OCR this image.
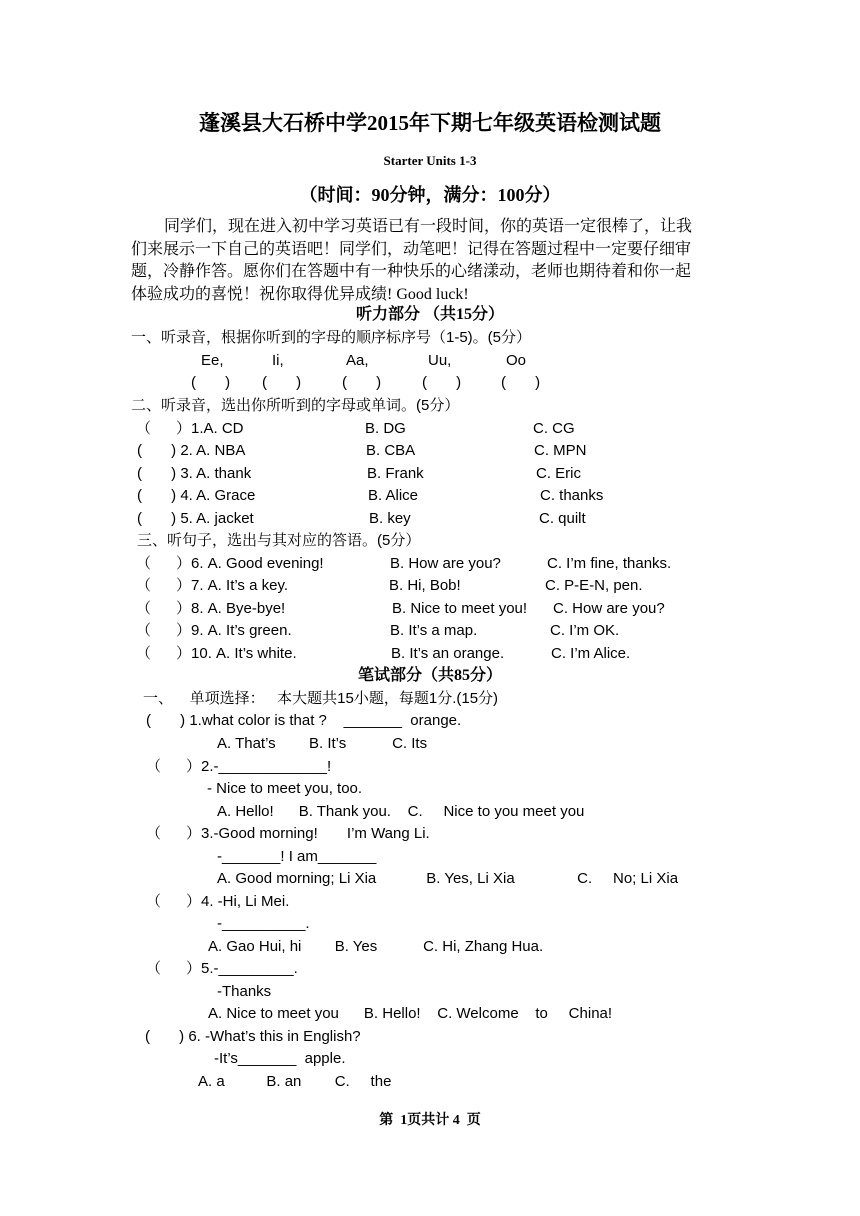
蓬溪县大石桥中学2015年下期七年级英语检测试题
Starter Units 1-3
（时间：90分钟，满分：100分）
同学们，现在进入初中学习英语已有一段时间，你的英语一定很棒了，让我
们来展示一下自己的英语吧！同学们，动笔吧！记得在答题过程中一定要仔细审
题，冷静作答。愿你们在答题中有一种快乐的心绪漾动，老师也期待着和你一起
体验成功的喜悦！祝你取得优异成绩! Good luck!
听力部分 （共15分）
一、听录音，根据你听到的字母的顺序标序号（1-5)。(5分）
Ee,	Ii,	Aa,	Uu,	Oo
(       ) (       )	(       )	(       )	(       )
二、听录音，选出你所听到的字母或单词。(5分）
（      ）1.A. CD	B. DG	C. CG
(       ) 2. A. NBA	B. CBA	C. MPN
(       ) 3. A. thank	B. Frank	C. Eric
(       ) 4. A. Grace	B. Alice	C. thanks
(       ) 5. A. jacket	B. key	C. quilt
三、听句子，选出与其对应的答语。(5分）
（      ）6. A. Good evening!	B. How are you?	C. I’m fine, thanks.
（      ）7. A. It’s a key.	B. Hi, Bob!	C. P-E-N, pen.
（      ）8. A. Bye-bye!	B. Nice to meet you! C. How are you?
（      ）9. A. It’s green.	B. It’s a map.	C. I’m OK.
（      ）10. A. It’s white.	B. It’s an orange.	C. I’m Alice.
笔试部分（共85分）
一、    单项选择：   本大题共15小题，每题1分.(15分)
(       ) 1.what color is that ?    _______  orange.
A. That’s        B. It’s           C. Its
（      ）2.-_____________!
- Nice to meet you, too.
A. Hello!      B. Thank you.    C.     Nice to you meet you
（      ）3.-Good morning!       I’m Wang Li.
-_______! I am_______
A. Good morning; Li Xia            B. Yes, Li Xia               C.     No; Li Xia
（      ）4. -Hi, Li Mei.
-__________.
A. Gao Hui, hi        B. Yes           C. Hi, Zhang Hua.
（      ）5.-_________.
-Thanks
A. Nice to meet you      B. Hello!    C. Welcome    to     China!
(       ) 6. -What’s this in English?
-It’s_______  apple.
A. a          B. an        C.     the
第  1页共计 4  页
